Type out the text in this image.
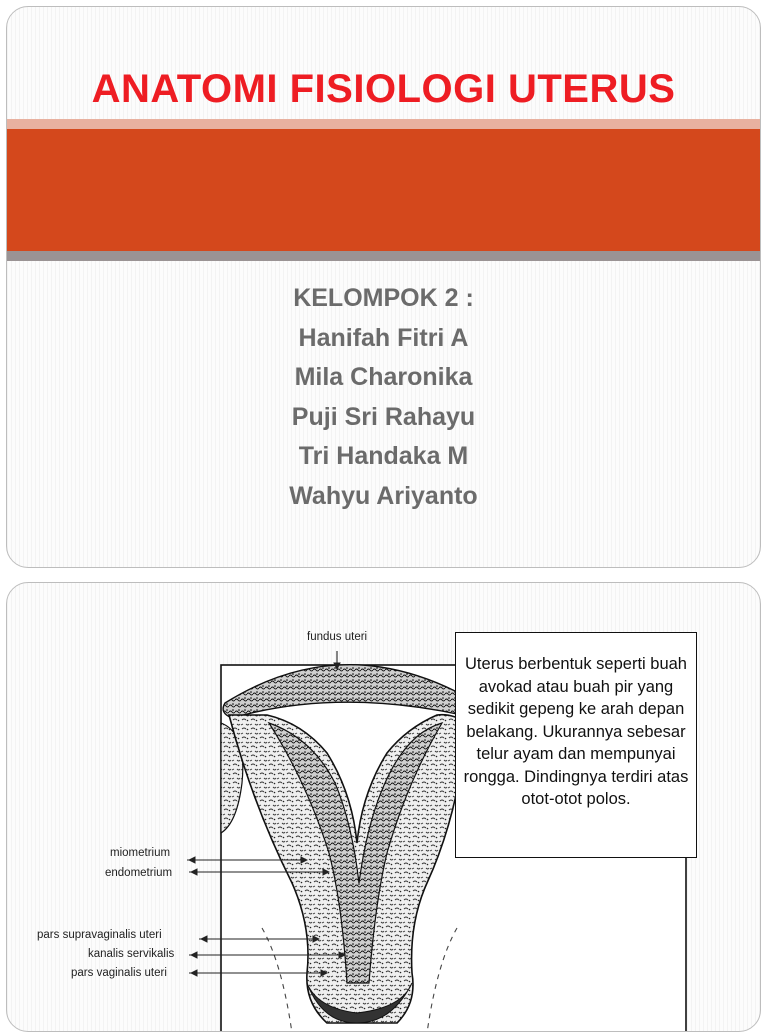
ANATOMI FISIOLOGI UTERUS
KELOMPOK 2 :
Hanifah Fitri A
Mila Charonika
Puji Sri Rahayu
Tri Handaka M
Wahyu Ariyanto
fundus uteri
miometrium
endometrium
pars supravaginalis uteri
kanalis servikalis
pars vaginalis uteri
Uterus berbentuk seperti buah avokad atau buah pir yang sedikit gepeng ke arah depan belakang. Ukurannya sebesar telur ayam dan mempunyai rongga. Dindingnya terdiri atas otot-otot polos.
